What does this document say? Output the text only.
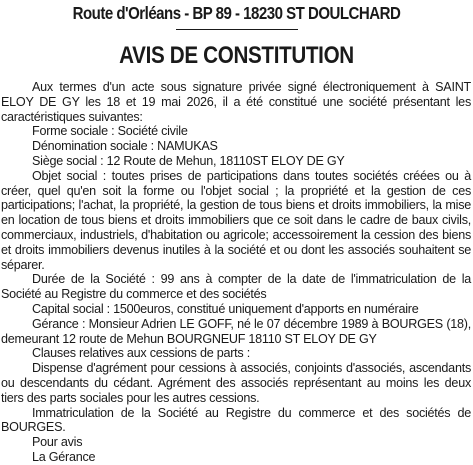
Route d'Orléans - BP 89 - 18230 ST DOULCHARD
AVIS DE CONSTITUTION

Aux termes d'un acte sous signature privée signé électroniquement à SAINT ELOY DE GY les 18 et 19 mai 2026, il a été constitué une société présentant les caractéristiques suivantes:

Forme sociale : Société civile

Dénomination sociale : NAMUKAS

Siège social : 12 Route de Mehun, 18110ST ELOY DE GY

Objet social : toutes prises de participations dans toutes sociétés créées ou à créer, quel qu'en soit la forme ou l'objet social ; la propriété et la gestion de ces participations; l'achat, la propriété, la gestion de tous biens et droits immobiliers, la mise en location de tous biens et droits immobiliers que ce soit dans le cadre de baux civils, commerciaux, industriels, d'habitation ou agricole; accessoirement la cession des biens et droits immobiliers devenus inutiles à la société et ou dont les associés souhaitent se séparer.

Durée de la Société : 99 ans à compter de la date de l'immatriculation de la Société au Registre du commerce et des sociétés

Capital social : 1500euros, constitué uniquement d'apports en numéraire

Gérance : Monsieur Adrien LE GOFF, né le 07 décembre 1989 à BOURGES (18), demeurant 12 route de Mehun BOURGNEUF 18110 ST ELOY DE GY

Clauses relatives aux cessions de parts :

Dispense d'agrément pour cessions à associés, conjoints d'associés, ascendants ou descendants du cédant. Agrément des associés représentant au moins les deux tiers des parts sociales pour les autres cessions.

Immatriculation de la Société au Registre du commerce et des sociétés de BOURGES.

Pour avis

La Gérance
